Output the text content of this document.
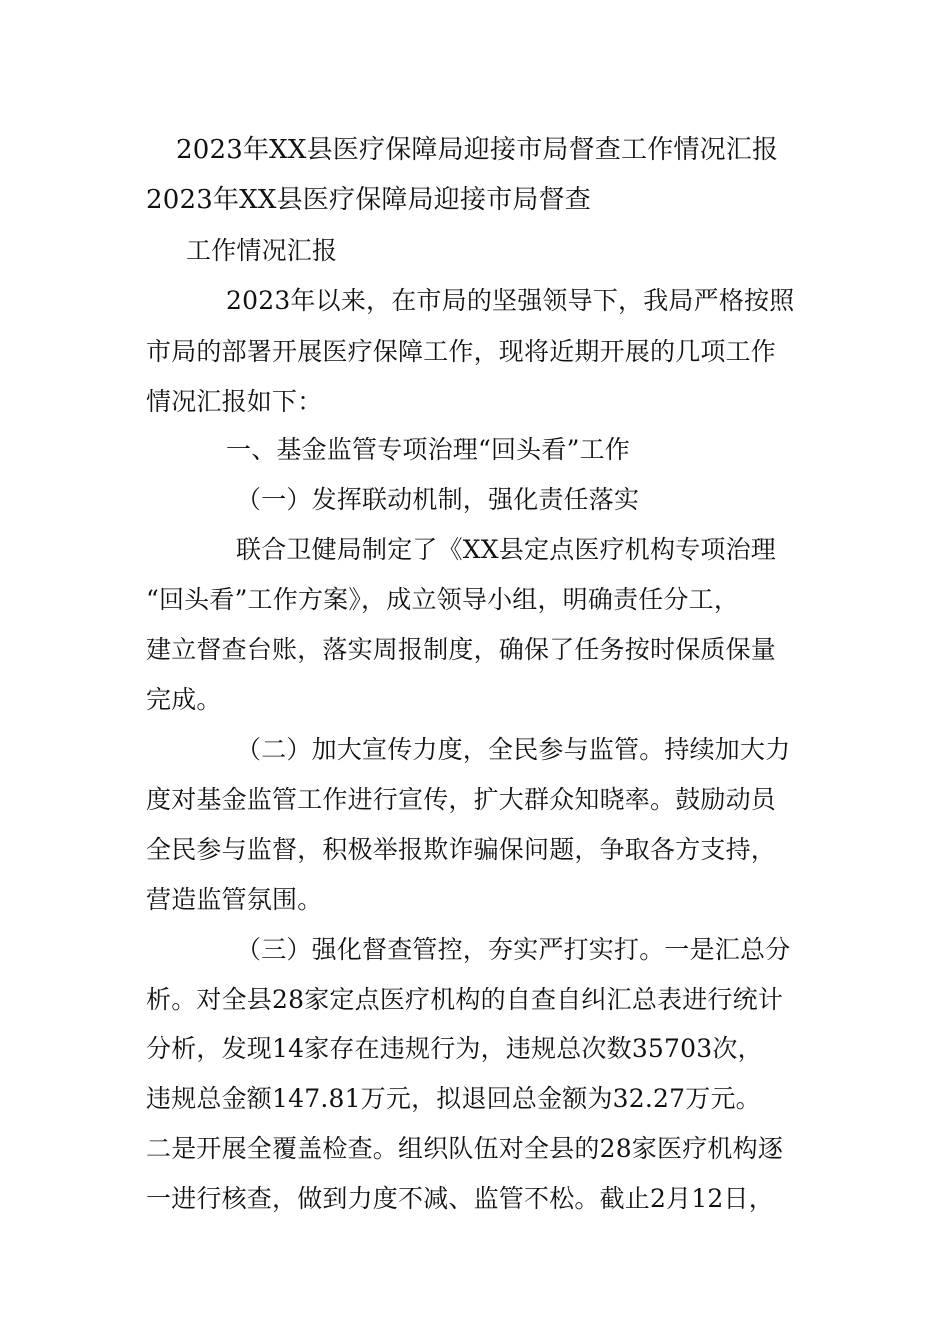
2023年XX县医疗保障局迎接市局督查工作情况汇报
2023年XX县医疗保障局迎接市局督查
工作情况汇报
2023年以来，在市局的坚强领导下，我局严格按照
市局的部署开展医疗保障工作，现将近期开展的几项工作
情况汇报如下：
一、基金监管专项治理“回头看”工作
（一）发挥联动机制，强化责任落实
联合卫健局制定了《XX县定点医疗机构专项治理
“回头看”工作方案》，成立领导小组，明确责任分工，
建立督查台账，落实周报制度，确保了任务按时保质保量
完成。
（二）加大宣传力度，全民参与监管。持续加大力
度对基金监管工作进行宣传，扩大群众知晓率。鼓励动员
全民参与监督，积极举报欺诈骗保问题，争取各方支持，
营造监管氛围。
（三）强化督查管控，夯实严打实打。一是汇总分
析。对全县28家定点医疗机构的自查自纠汇总表进行统计
分析，发现14家存在违规行为，违规总次数35703次，
违规总金额147.81万元，拟退回总金额为32.27万元。
二是开展全覆盖检查。组织队伍对全县的28家医疗机构逐
一进行核查，做到力度不减、监管不松。截止2月12日，
